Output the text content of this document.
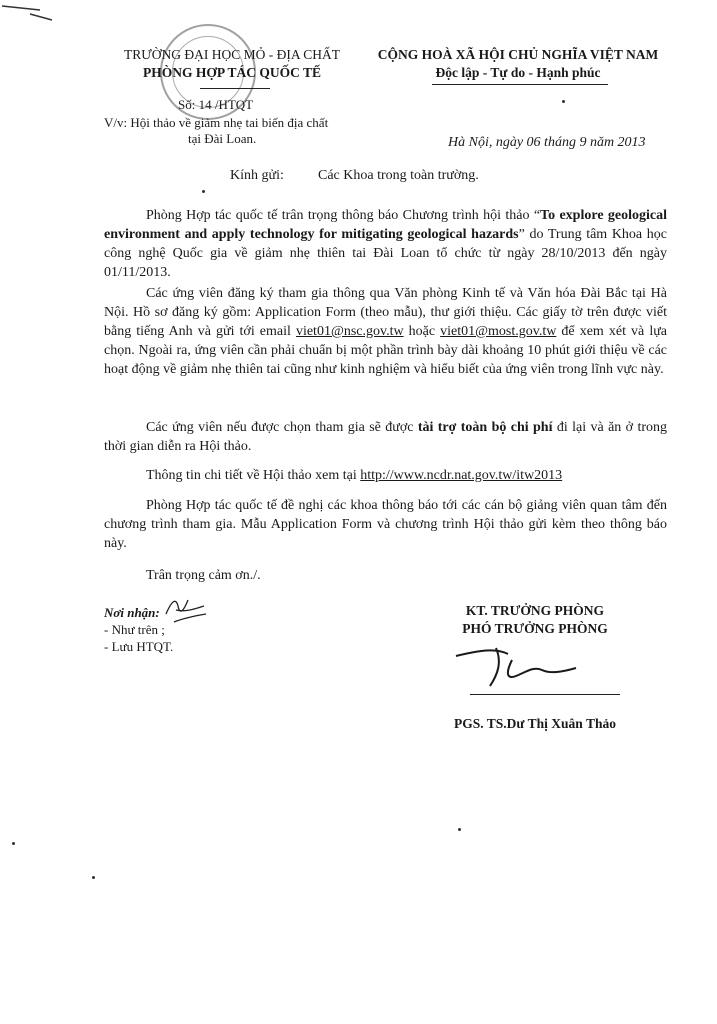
TRƯỜNG ĐẠI HỌC MỎ - ĐỊA CHẤT
PHÒNG HỢP TÁC QUỐC TẾ
Số: 14 /HTQT
V/v: Hội thảo về giảm nhẹ tai biến địa chất
tại Đài Loan.
CỘNG HOÀ XÃ HỘI CHỦ NGHĨA VIỆT NAM
Độc lập - Tự do - Hạnh phúc
Hà Nội, ngày 06 tháng 9 năm 2013
Kính gửi: Các Khoa trong toàn trường.

Phòng Hợp tác quốc tế trân trọng thông báo Chương trình hội thảo “To explore geological environment and apply technology for mitigating geological hazards” do Trung tâm Khoa học công nghệ Quốc gia về giảm nhẹ thiên tai Đài Loan tổ chức từ ngày 28/10/2013 đến ngày 01/11/2013.

Các ứng viên đăng ký tham gia thông qua Văn phòng Kinh tế và Văn hóa Đài Bắc tại Hà Nội. Hồ sơ đăng ký gồm: Application Form (theo mẫu), thư giới thiệu. Các giấy tờ trên được viết bằng tiếng Anh và gửi tới email viet01@nsc.gov.tw hoặc viet01@most.gov.tw để xem xét và lựa chọn. Ngoài ra, ứng viên cần phải chuẩn bị một phần trình bày dài khoảng 10 phút giới thiệu về các hoạt động về giảm nhẹ thiên tai cũng như kinh nghiệm và hiểu biết của ứng viên trong lĩnh vực này.

Các ứng viên nếu được chọn tham gia sẽ được tài trợ toàn bộ chi phí đi lại và ăn ở trong thời gian diễn ra Hội thảo.

Thông tin chi tiết về Hội thảo xem tại http://www.ncdr.nat.gov.tw/itw2013

Phòng Hợp tác quốc tế đề nghị các khoa thông báo tới các cán bộ giảng viên quan tâm đến chương trình tham gia. Mẫu Application Form và chương trình Hội thảo gửi kèm theo thông báo này.

Trân trọng cảm ơn./.

Nơi nhận:
- Như trên ;
- Lưu HTQT.
KT. TRƯỞNG PHÒNG
PHÓ TRƯỞNG PHÒNG
PGS. TS.Dư Thị Xuân Thảo
